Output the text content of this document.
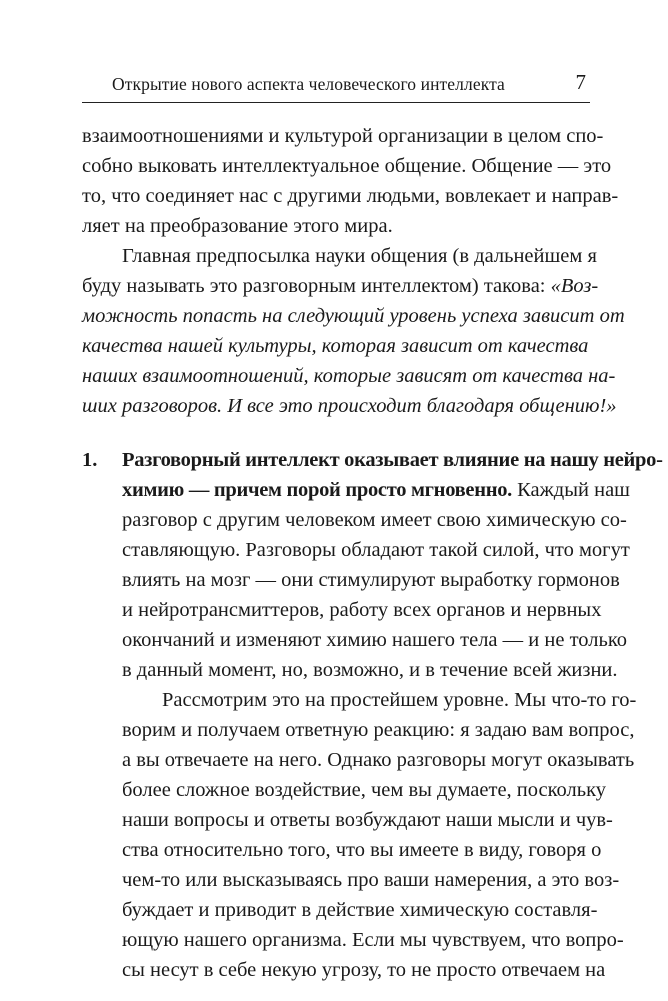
Открытие нового аспекта человеческого интеллекта	7
взаимоотношениями и культурой организации в целом спо-
собно выковать интеллектуальное общение. Общение — это
то, что соединяет нас с другими людьми, вовлекает и направ-
ляет на преобразование этого мира.
Главная предпосылка науки общения (в дальнейшем я
буду называть это разговорным интеллектом) такова: «Воз-
можность попасть на следующий уровень успеха зависит от
качества нашей культуры, которая зависит от качества
наших взаимоотношений, которые зависят от качества на-
ших разговоров. И все это происходит благодаря общению!»
1. Разговорный интеллект оказывает влияние на нашу нейро-
химию — причем порой просто мгновенно. Каждый наш
разговор с другим человеком имеет свою химическую со-
ставляющую. Разговоры обладают такой силой, что могут
влиять на мозг — они стимулируют выработку гормонов
и нейротрансмиттеров, работу всех органов и нервных
окончаний и изменяют химию нашего тела — и не только
в данный момент, но, возможно, и в течение всей жизни.
Рассмотрим это на простейшем уровне. Мы что-то го-
ворим и получаем ответную реакцию: я задаю вам вопрос,
а вы отвечаете на него. Однако разговоры могут оказывать
более сложное воздействие, чем вы думаете, поскольку
наши вопросы и ответы возбуждают наши мысли и чув-
ства относительно того, что вы имеете в виду, говоря о
чем-то или высказываясь про ваши намерения, а это воз-
буждает и приводит в действие химическую составля-
ющую нашего организма. Если мы чувствуем, что вопро-
сы несут в себе некую угрозу, то не просто отвечаем на
